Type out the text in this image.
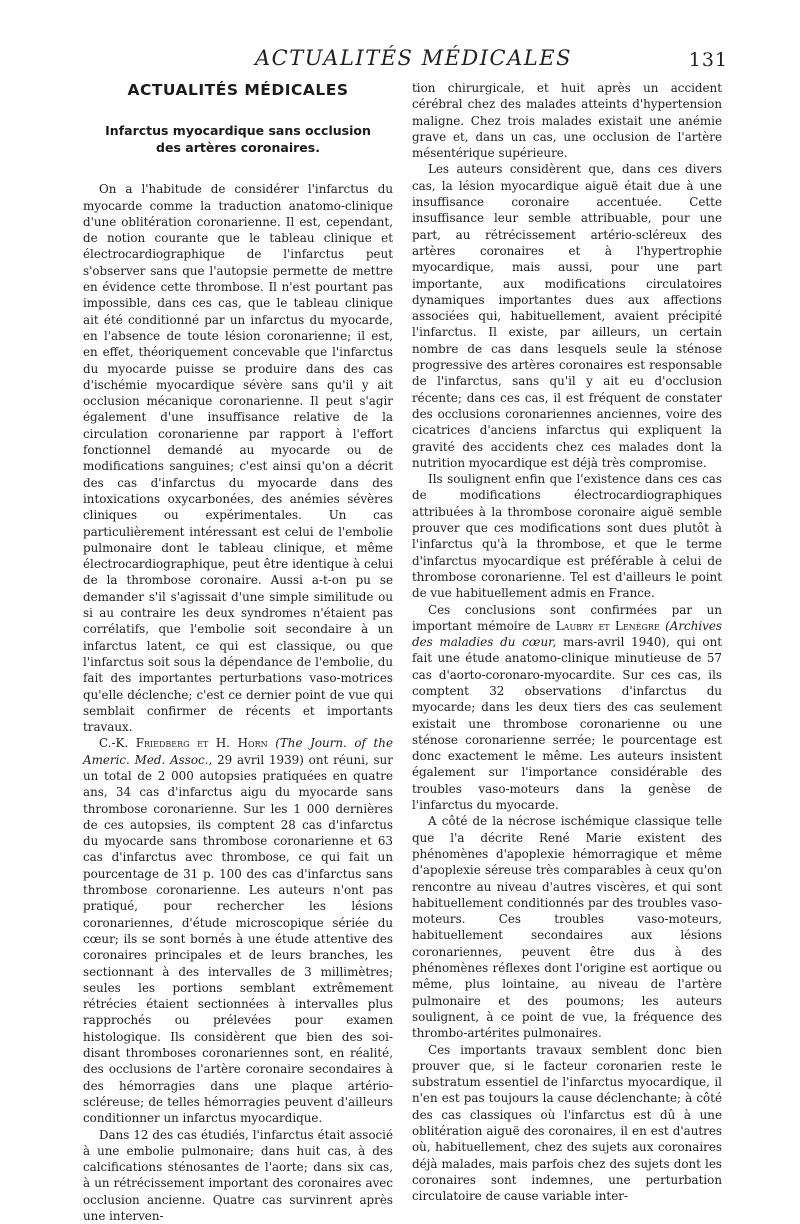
ACTUALITÉS MÉDICALES	131
ACTUALITÉS MÉDICALES
Infarctus myocardique sans occlusion des artères coronaires.

On a l'habitude de considérer l'infarctus du myocarde comme la traduction anatomo-clinique d'une oblitération coronarienne. Il est, cependant, de notion courante que le tableau clinique et électrocardiographique de l'infarctus peut s'observer sans que l'autopsie permette de mettre en évidence cette thrombose. Il n'est pourtant pas impossible, dans ces cas, que le tableau clinique ait été conditionné par un infarctus du myocarde, en l'absence de toute lésion coronarienne; il est, en effet, théoriquement concevable que l'infarctus du myocarde puisse se produire dans des cas d'ischémie myocardique sévère sans qu'il y ait occlusion mécanique coronarienne. Il peut s'agir également d'une insuffisance relative de la circulation coronarienne par rapport à l'effort fonctionnel demandé au myocarde ou de modifications sanguines; c'est ainsi qu'on a décrit des cas d'infarctus du myocarde dans des intoxications oxycarbonées, des anémies sévères cliniques ou expérimentales. Un cas particulièrement intéressant est celui de l'embolie pulmonaire dont le tableau clinique, et même électrocardiographique, peut être identique à celui de la thrombose coronaire. Aussi a-t-on pu se demander s'il s'agissait d'une simple similitude ou si au contraire les deux syndromes n'étaient pas corrélatifs, que l'embolie soit secondaire à un infarctus latent, ce qui est classique, ou que l'infarctus soit sous la dépendance de l'embolie, du fait des importantes perturbations vaso-motrices qu'elle déclenche; c'est ce dernier point de vue qui semblait confirmer de récents et importants travaux.

C.-K. Friedberg et H. Horn (The Journ. of the Americ. Med. Assoc., 29 avril 1939) ont réuni, sur un total de 2 000 autopsies pratiquées en quatre ans, 34 cas d'infarctus aigu du myocarde sans thrombose coronarienne. Sur les 1 000 dernières de ces autopsies, ils comptent 28 cas d'infarctus du myocarde sans thrombose coronarienne et 63 cas d'infarctus avec thrombose, ce qui fait un pourcentage de 31 p. 100 des cas d'infarctus sans thrombose coronarienne. Les auteurs n'ont pas pratiqué, pour rechercher les lésions coronariennes, d'étude microscopique sériée du cœur; ils se sont bornés à une étude attentive des coronaires principales et de leurs branches, les sectionnant à des intervalles de 3 millimètres; seules les portions semblant extrêmement rétrécies étaient sectionnées à intervalles plus rapprochés ou prélevées pour examen histologique. Ils considèrent que bien des soi-disant thromboses coronariennes sont, en réalité, des occlusions de l'artère coronaire secondaires à des hémorragies dans une plaque artério-scléreuse; de telles hémorragies peuvent d'ailleurs conditionner un infarctus myocardique.

Dans 12 des cas étudiés, l'infarctus était associé à une embolie pulmonaire; dans huit cas, à des calcifications sténosantes de l'aorte; dans six cas, à un rétrécissement important des coronaires avec occlusion ancienne. Quatre cas survinrent après une interven-

tion chirurgicale, et huit après un accident cérébral chez des malades atteints d'hypertension maligne. Chez trois malades existait une anémie grave et, dans un cas, une occlusion de l'artère mésentérique supérieure.

Les auteurs considèrent que, dans ces divers cas, la lésion myocardique aiguë était due à une insuffisance coronaire accentuée. Cette insuffisance leur semble attribuable, pour une part, au rétrécissement artério-scléreux des artères coronaires et à l'hypertrophie myocardique, mais aussi, pour une part importante, aux modifications circulatoires dynamiques importantes dues aux affections associées qui, habituellement, avaient précipité l'infarctus. Il existe, par ailleurs, un certain nombre de cas dans lesquels seule la sténose progressive des artères coronaires est responsable de l'infarctus, sans qu'il y ait eu d'occlusion récente; dans ces cas, il est fréquent de constater des occlusions coronariennes anciennes, voire des cicatrices d'anciens infarctus qui expliquent la gravité des accidents chez ces malades dont la nutrition myocardique est déjà très compromise.

Ils soulignent enfin que l'existence dans ces cas de modifications électrocardiographiques attribuées à la thrombose coronaire aiguë semble prouver que ces modifications sont dues plutôt à l'infarctus qu'à la thrombose, et que le terme d'infarctus myocardique est préférable à celui de thrombose coronarienne. Tel est d'ailleurs le point de vue habituellement admis en France.

Ces conclusions sont confirmées par un important mémoire de Laubry et Lenègre (Archives des maladies du cœur, mars-avril 1940), qui ont fait une étude anatomo-clinique minutieuse de 57 cas d'aorto-coronaro-myocardite. Sur ces cas, ils comptent 32 observations d'infarctus du myocarde; dans les deux tiers des cas seulement existait une thrombose coronarienne ou une sténose coronarienne serrée; le pourcentage est donc exactement le même. Les auteurs insistent également sur l'importance considérable des troubles vaso-moteurs dans la genèse de l'infarctus du myocarde.

A côté de la nécrose ischémique classique telle que l'a décrite René Marie existent des phénomènes d'apoplexie hémorragique et même d'apoplexie séreuse très comparables à ceux qu'on rencontre au niveau d'autres viscères, et qui sont habituellement conditionnés par des troubles vaso-moteurs. Ces troubles vaso-moteurs, habituellement secondaires aux lésions coronariennes, peuvent être dus à des phénomènes réflexes dont l'origine est aortique ou même, plus lointaine, au niveau de l'artère pulmonaire et des poumons; les auteurs soulignent, à ce point de vue, la fréquence des thrombo-artérites pulmonaires.

Ces importants travaux semblent donc bien prouver que, si le facteur coronarien reste le substratum essentiel de l'infarctus myocardique, il n'en est pas toujours la cause déclenchante; à côté des cas classiques où l'infarctus est dû à une oblitération aiguë des coronaires, il en est d'autres où, habituellement, chez des sujets aux coronaires déjà malades, mais parfois chez des sujets dont les coronaires sont indemnes, une perturbation circulatoire de cause variable inter-
